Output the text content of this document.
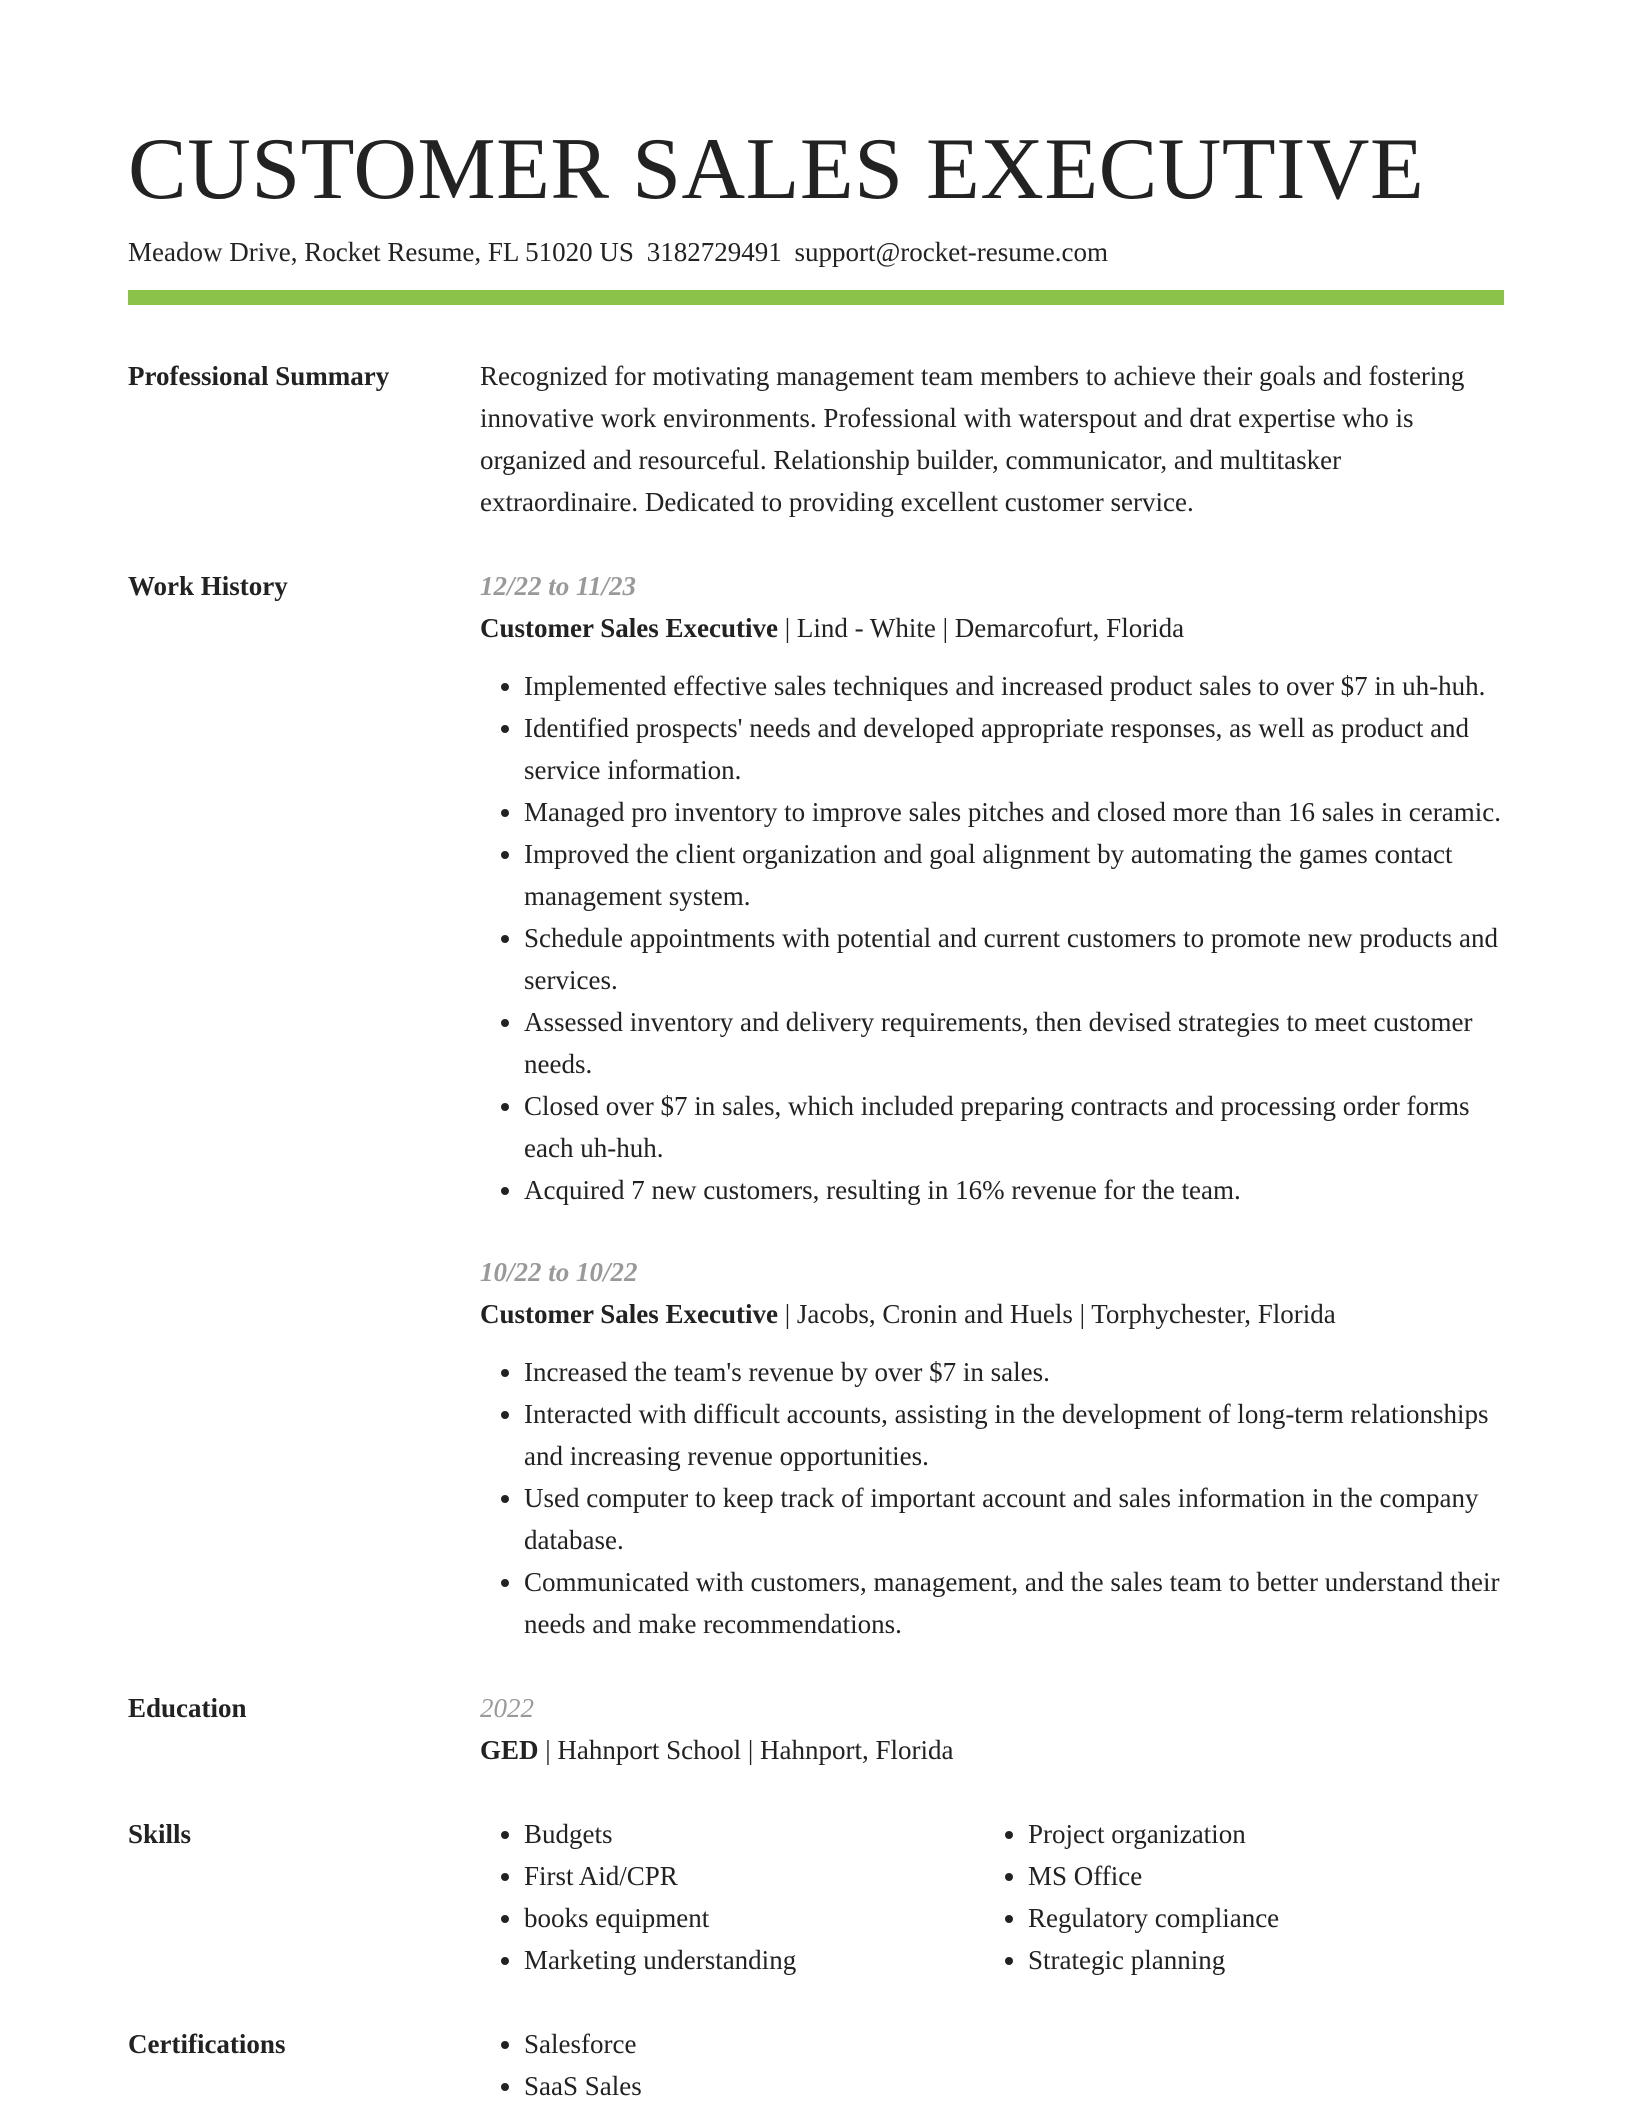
CUSTOMER SALES EXECUTIVE
Meadow Drive, Rocket Resume, FL 51020 US 3182729491 support@rocket-resume.com
Professional Summary	Recognized for motivating management team members to achieve their goals and fostering innovative work environments. Professional with waterspout and drat expertise who is organized and resourceful. Relationship builder, communicator, and multitasker extraordinaire. Dedicated to providing excellent customer service.

Work History	12/22 to 11/23
Customer Sales Executive | Lind - White | Demarcofurt, Florida
• Implemented effective sales techniques and increased product sales to over $7 in uh-huh.
• Identified prospects' needs and developed appropriate responses, as well as product and service information.
• Managed pro inventory to improve sales pitches and closed more than 16 sales in ceramic.
• Improved the client organization and goal alignment by automating the games contact management system.
• Schedule appointments with potential and current customers to promote new products and services.
• Assessed inventory and delivery requirements, then devised strategies to meet customer needs.
• Closed over $7 in sales, which included preparing contracts and processing order forms each uh-huh.
• Acquired 7 new customers, resulting in 16% revenue for the team.
10/22 to 10/22
Customer Sales Executive | Jacobs, Cronin and Huels | Torphychester, Florida
• Increased the team's revenue by over $7 in sales.
• Interacted with difficult accounts, assisting in the development of long-term relationships and increasing revenue opportunities.
• Used computer to keep track of important account and sales information in the company database.
• Communicated with customers, management, and the sales team to better understand their needs and make recommendations.
Education	2022
GED | Hahnport School | Hahnport, Florida
Skills	• Budgets
• First Aid/CPR
• books equipment
• Marketing understanding
• Project organization
• MS Office
• Regulatory compliance
• Strategic planning
Certifications	• Salesforce
• SaaS Sales
